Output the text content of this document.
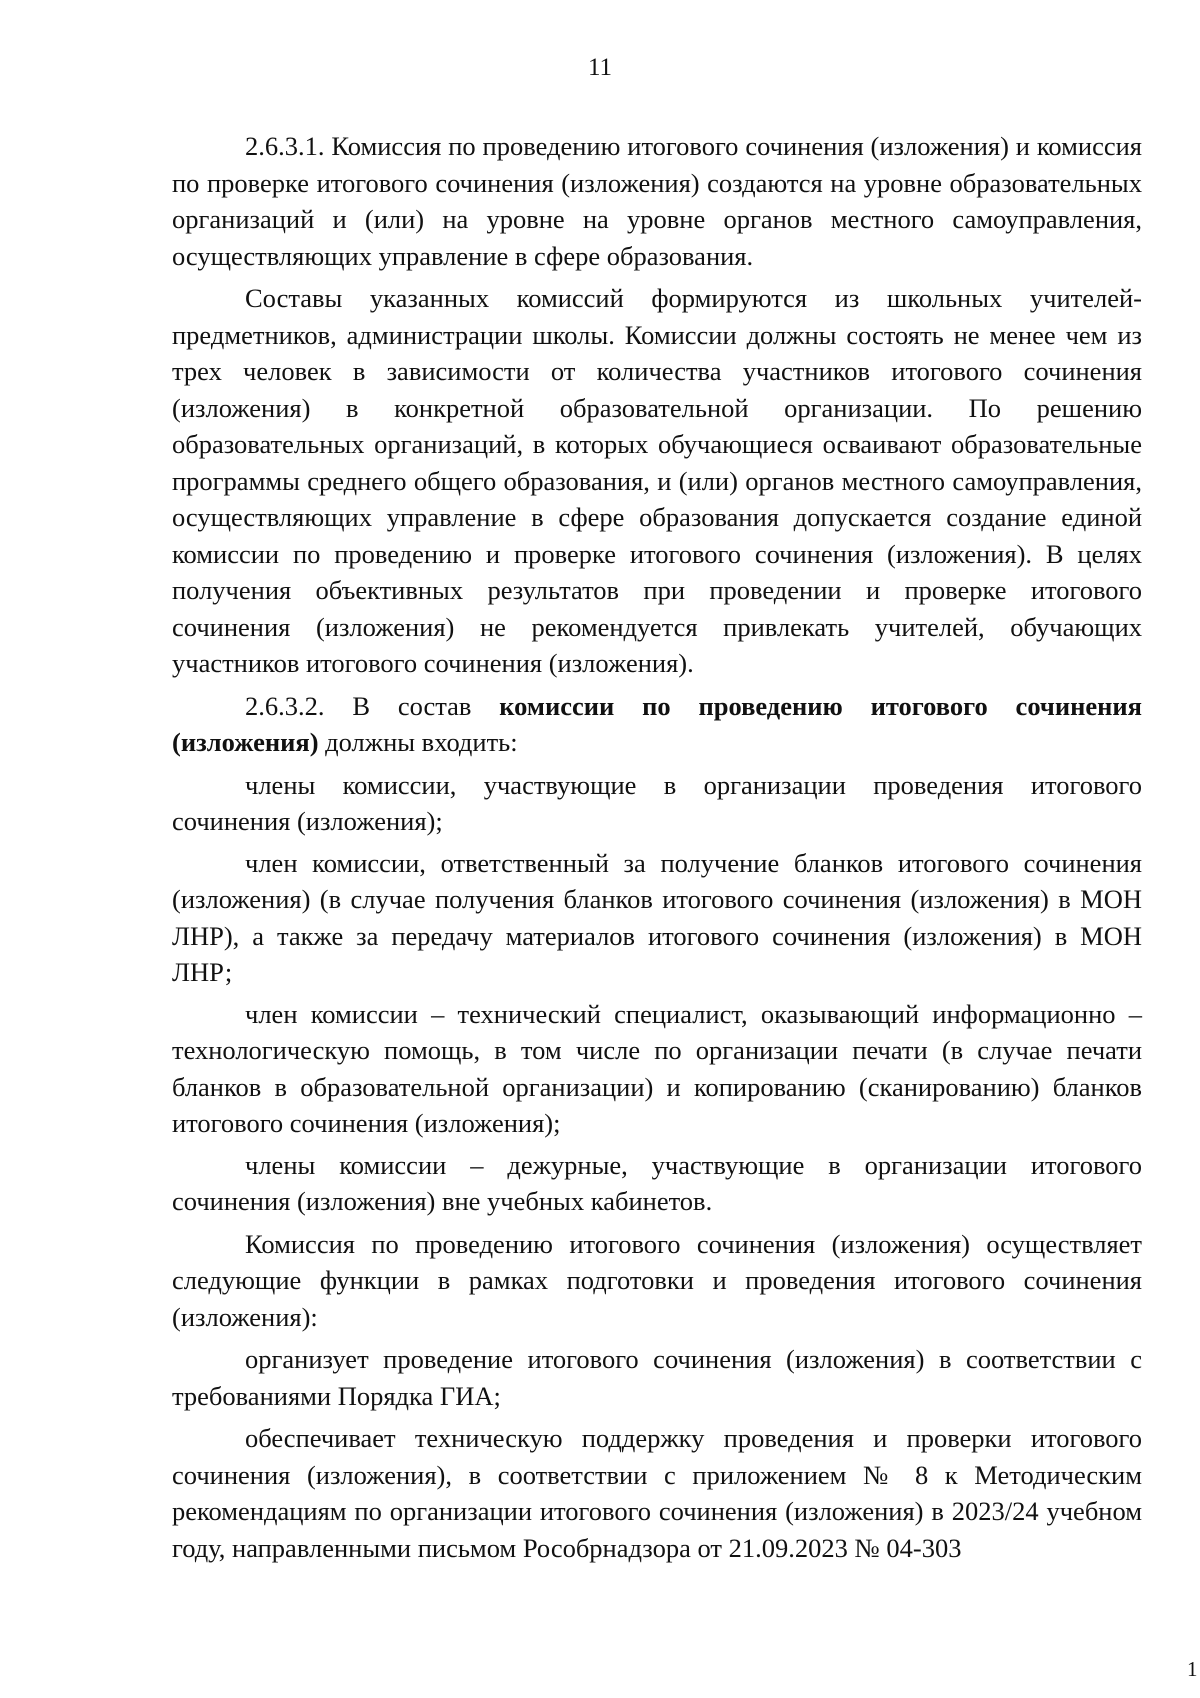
11

2.6.3.1. Комиссия по проведению итогового сочинения (изложения) и комиссия по проверке итогового сочинения (изложения) создаются на уровне образовательных организаций и (или) на уровне на уровне органов местного самоуправления, осуществляющих управление в сфере образования.

Составы указанных комиссий формируются из школьных учителей-предметников, администрации школы. Комиссии должны состоять не менее чем из трех человек в зависимости от количества участников итогового сочинения (изложения) в конкретной образовательной организации. По решению образовательных организаций, в которых обучающиеся осваивают образовательные программы среднего общего образования, и (или) органов местного самоуправления, осуществляющих управление в сфере образования допускается создание единой комиссии по проведению и проверке итогового сочинения (изложения). В целях получения объективных результатов при проведении и проверке итогового сочинения (изложения) не рекомендуется привлекать учителей, обучающих участников итогового сочинения (изложения).

2.6.3.2. В состав комиссии по проведению итогового сочинения (изложения) должны входить:

члены комиссии, участвующие в организации проведения итогового сочинения (изложения);

член комиссии, ответственный за получение бланков итогового сочинения (изложения) (в случае получения бланков итогового сочинения (изложения) в МОН ЛНР), а также за передачу материалов итогового сочинения (изложения) в МОН ЛНР;

член комиссии – технический специалист, оказывающий информационно – технологическую помощь, в том числе по организации печати (в случае печати бланков в образовательной организации) и копированию (сканированию) бланков итогового сочинения (изложения);

члены комиссии – дежурные, участвующие в организации итогового сочинения (изложения) вне учебных кабинетов.

Комиссия по проведению итогового сочинения (изложения) осуществляет следующие функции в рамках подготовки и проведения итогового сочинения (изложения):

организует проведение итогового сочинения (изложения) в соответствии с требованиями Порядка ГИА;

обеспечивает техническую поддержку проведения и проверки итогового сочинения (изложения), в соответствии с приложением № 8 к Методическим рекомендациям по организации итогового сочинения (изложения) в 2023/24 учебном году, направленными письмом Рособрнадзора от 21.09.2023 № 04-303

1
